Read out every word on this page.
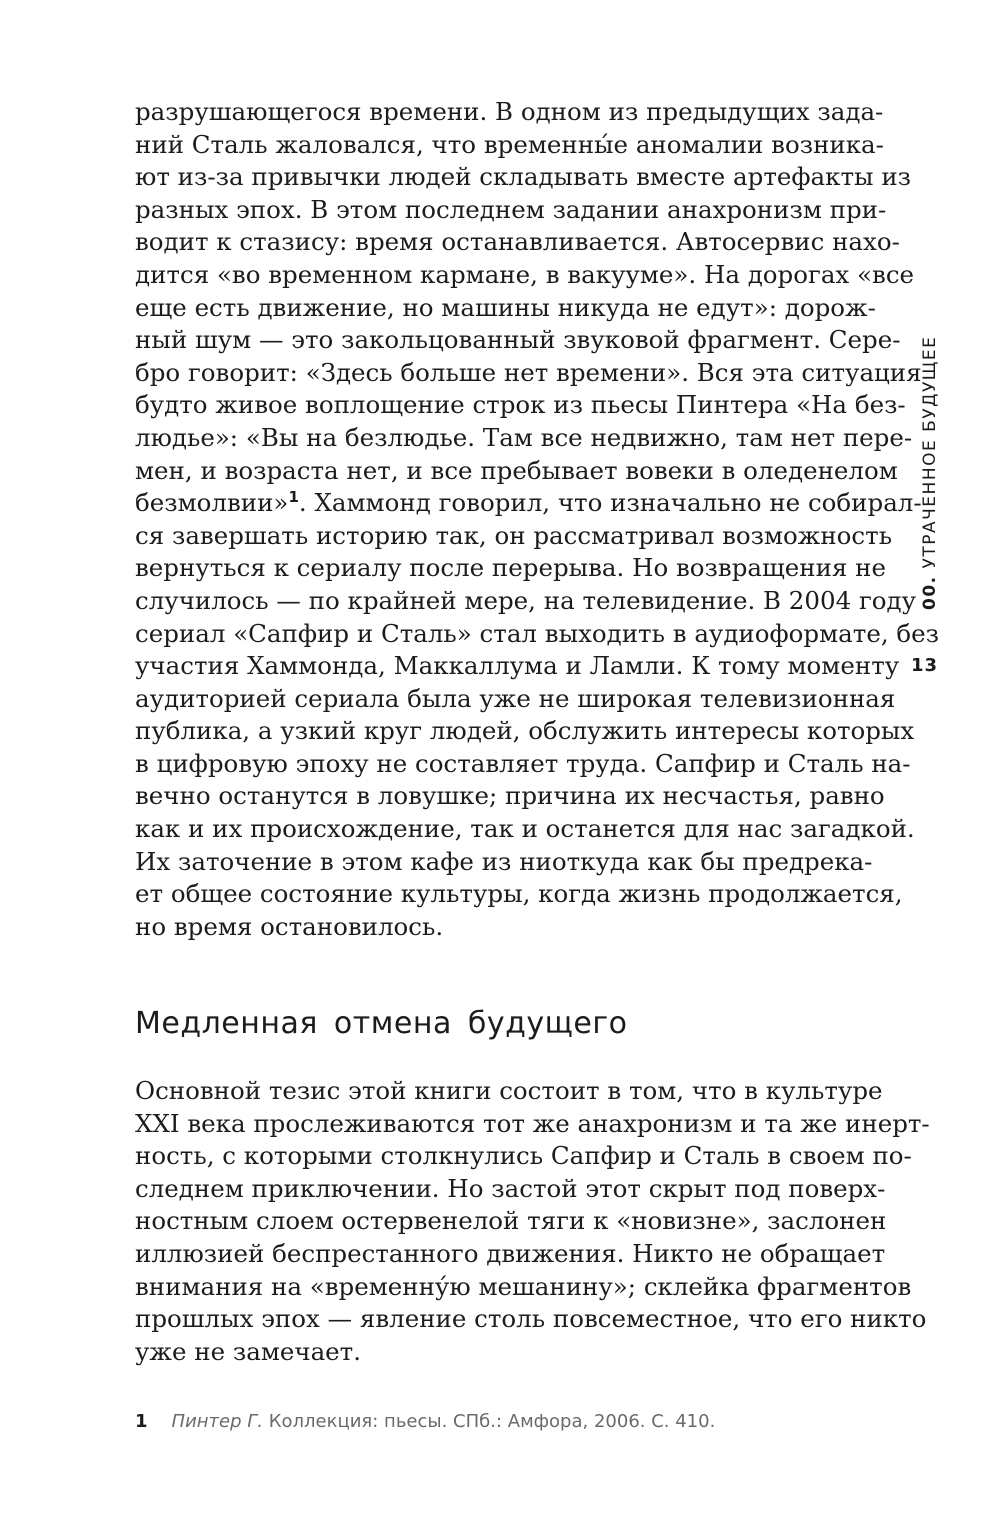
разрушающегося времени. В одном из предыдущих зада-
ний Сталь жаловался, что временны́е аномалии возника-
ют из-за привычки людей складывать вместе артефакты из
разных эпох. В этом последнем задании анахронизм при-
водит к стазису: время останавливается. Автосервис нахо-
дится «во временном кармане, в вакууме». На дорогах «все
еще есть движение, но машины никуда не едут»: дорож-
ный шум — это закольцованный звуковой фрагмент. Сере-
бро говорит: «Здесь больше нет времени». Вся эта ситуация
будто живое воплощение строк из пьесы Пинтера «На без-
людье»: «Вы на безлюдье. Там все недвижно, там нет пере-
мен, и возраста нет, и все пребывает вовеки в оледенелом
безмолвии»$^1$. Хаммонд говорил, что изначально не собирал-
ся завершать историю так, он рассматривал возможность
вернуться к сериалу после перерыва. Но возвращения не
случилось — по крайней мере, на телевидение. В 2004 году
сериал «Сапфир и Сталь» стал выходить в аудиоформате, без
участия Хаммонда, Маккаллума и Ламли. К тому моменту
аудиторией сериала была уже не широкая телевизионная
публика, а узкий круг людей, обслужить интересы которых
в цифровую эпоху не составляет труда. Сапфир и Сталь на-
вечно останутся в ловушке; причина их несчастья, равно
как и их происхождение, так и останется для нас загадкой.
Их заточение в этом кафе из ниоткуда как бы предрека-
ет общее состояние культуры, когда жизнь продолжается,
но время остановилось.
Медленная отмена будущего
Основной тезис этой книги состоит в том, что в культуре
XXI века прослеживаются тот же анахронизм и та же инерт-
ность, с которыми столкнулись Сапфир и Сталь в своем по-
следнем приключении. Но застой этот скрыт под поверх-
ностным слоем остервенелой тяги к «новизне», заслонен
иллюзией беспрестанного движения. Никто не обращает
внимания на «временну́ю мешанину»; склейка фрагментов
прошлых эпох — явление столь повсеместное, что его никто
уже не замечает.

1 Пинтер Г. Коллекция: пьесы. СПб.: Амфора, 2006. С. 410.

00. УТРАЧЕННОЕ БУДУЩЕЕ
13
